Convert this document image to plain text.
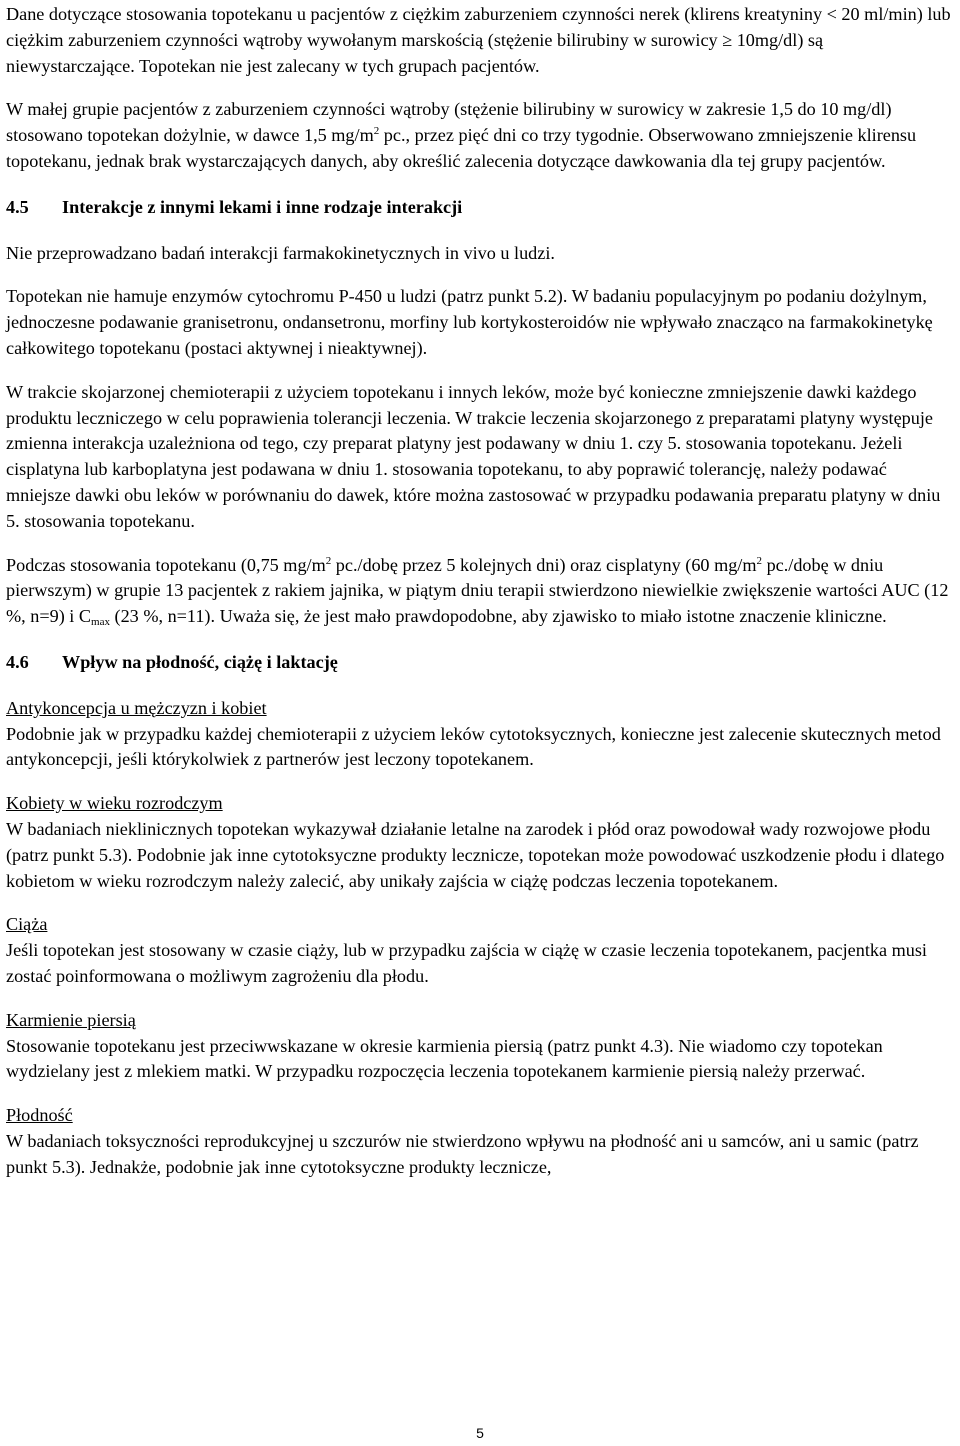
Dane dotyczące stosowania topotekanu u pacjentów z ciężkim zaburzeniem czynności nerek (klirens kreatyniny < 20 ml/min) lub ciężkim zaburzeniem czynności wątroby wywołanym marskością (stężenie bilirubiny w surowicy ≥ 10mg/dl) są niewystarczające. Topotekan nie jest zalecany w tych grupach pacjentów.

W małej grupie pacjentów z zaburzeniem czynności wątroby (stężenie bilirubiny w surowicy w zakresie 1,5 do 10 mg/dl) stosowano topotekan dożylnie, w dawce 1,5 $mg/m^2$ pc., przez pięć dni co trzy tygodnie. Obserwowano zmniejszenie klirensu topotekanu, jednak brak wystarczających danych, aby określić zalecenia dotyczące dawkowania dla tej grupy pacjentów.

4.5	Interakcje z innymi lekami i inne rodzaje interakcji

Nie przeprowadzano badań interakcji farmakokinetycznych in vivo u ludzi.

Topotekan nie hamuje enzymów cytochromu P-450 u ludzi (patrz punkt 5.2). W badaniu populacyjnym po podaniu dożylnym, jednoczesne podawanie granisetronu, ondansetronu, morfiny lub kortykosteroidów nie wpływało znacząco na farmakokinetykę całkowitego topotekanu (postaci aktywnej i nieaktywnej).

W trakcie skojarzonej chemioterapii z użyciem topotekanu i innych leków, może być konieczne zmniejszenie dawki każdego produktu leczniczego w celu poprawienia tolerancji leczenia. W trakcie leczenia skojarzonego z preparatami platyny występuje zmienna interakcja uzależniona od tego, czy preparat platyny jest podawany w dniu 1. czy 5. stosowania topotekanu. Jeżeli cisplatyna lub karboplatyna jest podawana w dniu 1. stosowania topotekanu, to aby poprawić tolerancję, należy podawać mniejsze dawki obu leków w porównaniu do dawek, które można zastosować w przypadku podawania preparatu platyny w dniu 5. stosowania topotekanu.

Podczas stosowania topotekanu (0,75 $mg/m^2$ pc./dobę przez 5 kolejnych dni) oraz cisplatyny (60 $mg/m^2$ pc./dobę w dniu pierwszym) w grupie 13 pacjentek z rakiem jajnika, w piątym dniu terapii stwierdzono niewielkie zwiększenie wartości AUC (12 %, n=9) i $C_{max}$ (23 %, n=11). Uważa się, że jest mało prawdopodobne, aby zjawisko to miało istotne znaczenie kliniczne.

4.6	Wpływ na płodność, ciążę i laktację

Antykoncepcja u mężczyzn i kobiet

Podobnie jak w przypadku każdej chemioterapii z użyciem leków cytotoksycznych, konieczne jest zalecenie skutecznych metod antykoncepcji, jeśli którykolwiek z partnerów jest leczony topotekanem.

Kobiety w wieku rozrodczym

W badaniach nieklinicznych topotekan wykazywał działanie letalne na zarodek i płód oraz powodował wady rozwojowe płodu (patrz punkt 5.3). Podobnie jak inne cytotoksyczne produkty lecznicze, topotekan może powodować uszkodzenie płodu i dlatego kobietom w wieku rozrodczym należy zalecić, aby unikały zajścia w ciążę podczas leczenia topotekanem.

Ciąża

Jeśli topotekan jest stosowany w czasie ciąży, lub w przypadku zajścia w ciążę w czasie leczenia topotekanem, pacjentka musi zostać poinformowana o możliwym zagrożeniu dla płodu.

Karmienie piersią

Stosowanie topotekanu jest przeciwwskazane w okresie karmienia piersią (patrz punkt 4.3). Nie wiadomo czy topotekan wydzielany jest z mlekiem matki. W przypadku rozpoczęcia leczenia topotekanem karmienie piersią należy przerwać.

Płodność

W badaniach toksyczności reprodukcyjnej u szczurów nie stwierdzono wpływu na płodność ani u samców, ani u samic (patrz punkt 5.3). Jednakże, podobnie jak inne cytotoksyczne produkty lecznicze,

5
